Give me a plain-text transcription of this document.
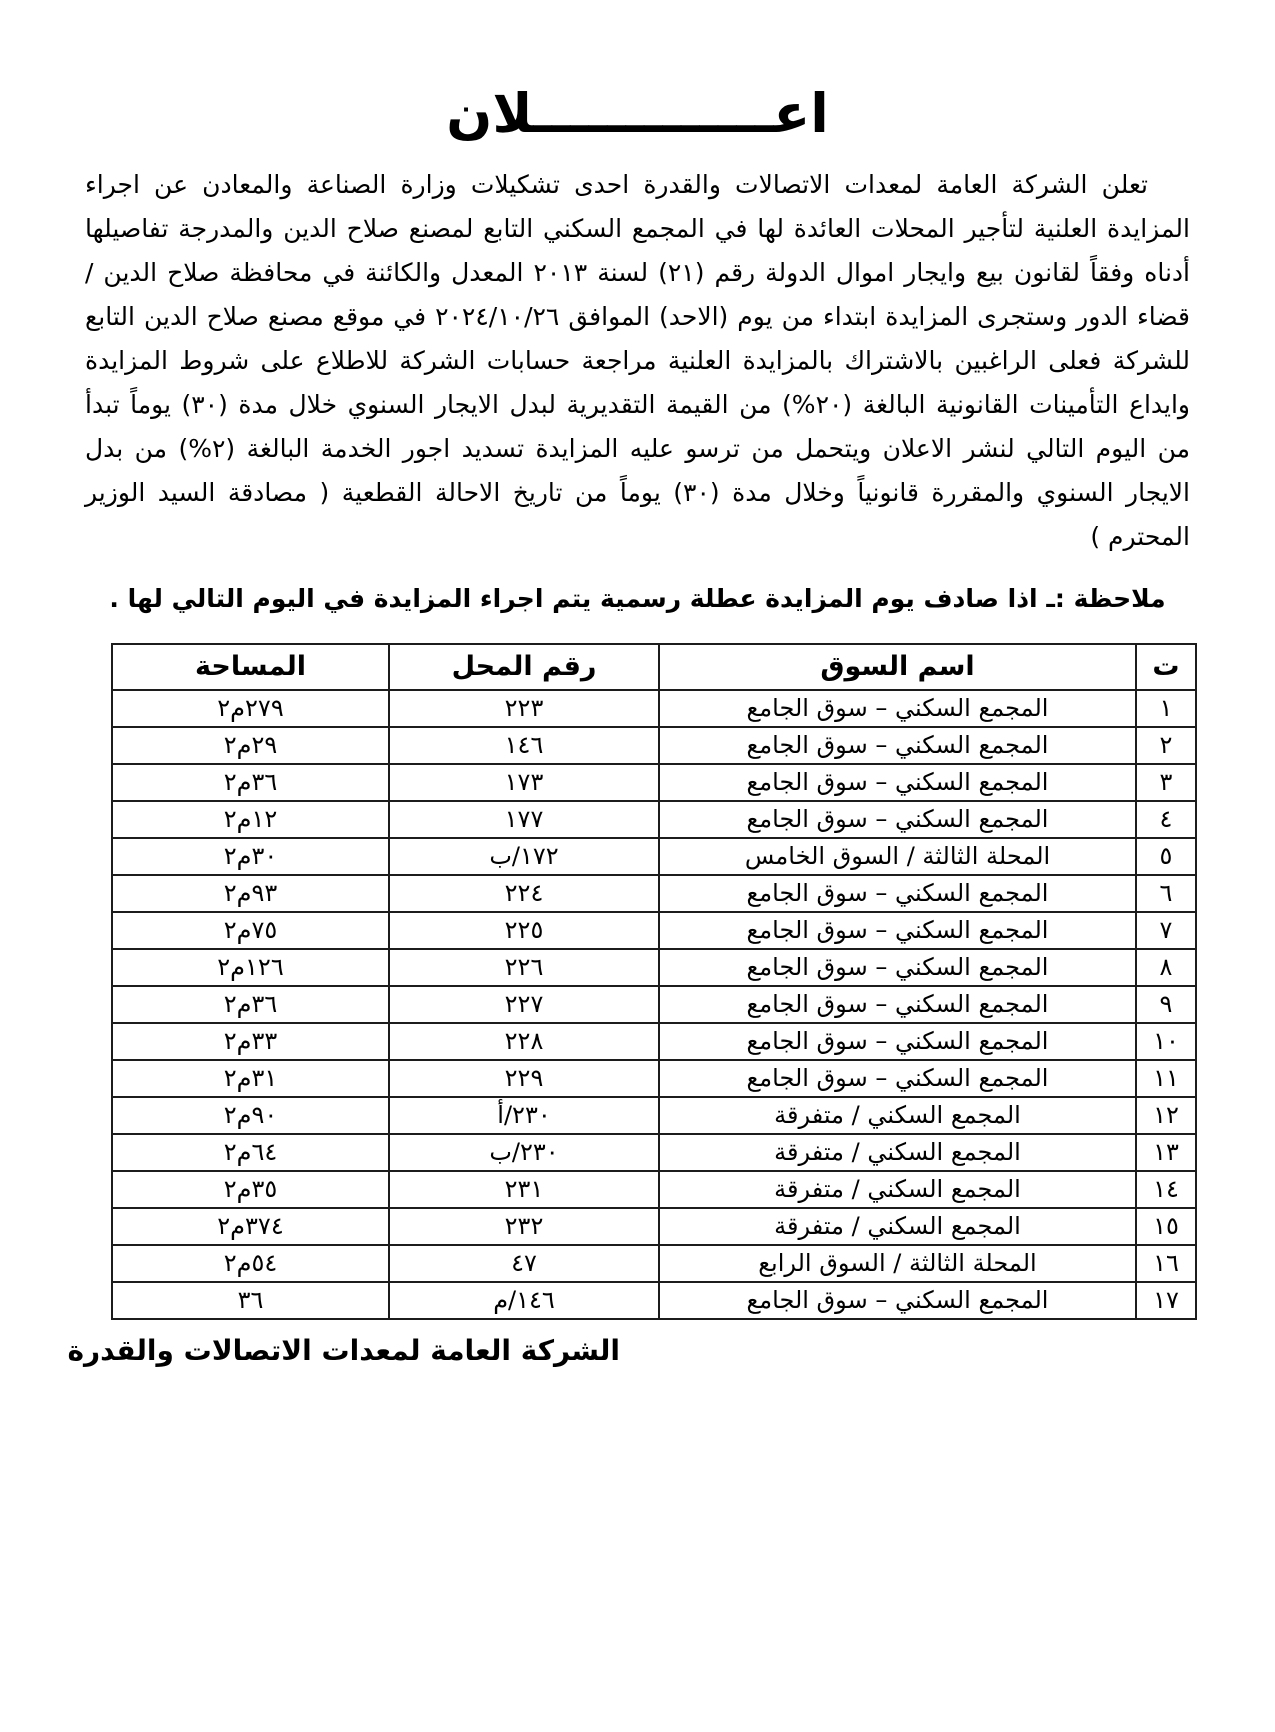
اعـــــــــــــلان

تعلن الشركة العامة لمعدات الاتصالات والقدرة احدى تشكيلات وزارة الصناعة والمعادن عن اجراء المزايدة العلنية لتأجير المحلات العائدة لها في المجمع السكني التابع لمصنع صلاح الدين والمدرجة تفاصيلها أدناه وفقاً لقانون بيع وايجار اموال الدولة رقم (٢١) لسنة ٢٠١٣ المعدل والكائنة في محافظة صلاح الدين / قضاء الدور وستجرى المزايدة ابتداء من يوم (الاحد) الموافق ٢٠٢٤/١٠/٢٦ في موقع مصنع صلاح الدين التابع للشركة فعلى الراغبين بالاشتراك بالمزايدة العلنية مراجعة حسابات الشركة للاطلاع على شروط المزايدة وايداع التأمينات القانونية البالغة (٢٠%) من القيمة التقديرية لبدل الايجار السنوي خلال مدة (٣٠) يوماً تبدأ من اليوم التالي لنشر الاعلان ويتحمل من ترسو عليه المزايدة تسديد اجور الخدمة البالغة (٢%) من بدل الايجار السنوي والمقررة قانونياً وخلال مدة (٣٠) يوماً من تاريخ الاحالة القطعية ( مصادقة السيد الوزير المحترم )

ملاحظة :ـ اذا صادف يوم المزايدة عطلة رسمية يتم اجراء المزايدة في اليوم التالي لها .
ت	اسم السوق	رقم المحل	المساحة
١	المجمع السكني – سوق الجامع	٢٢٣	٢٧٩م٢
٢	المجمع السكني – سوق الجامع	١٤٦	٢٩م٢
٣	المجمع السكني – سوق الجامع	١٧٣	٣٦م٢
٤	المجمع السكني – سوق الجامع	١٧٧	١٢م٢
٥	المحلة الثالثة / السوق الخامس	١٧٢/ب	٣٠م٢
٦	المجمع السكني – سوق الجامع	٢٢٤	٩٣م٢
٧	المجمع السكني – سوق الجامع	٢٢٥	٧٥م٢
٨	المجمع السكني – سوق الجامع	٢٢٦	١٢٦م٢
٩	المجمع السكني – سوق الجامع	٢٢٧	٣٦م٢
١٠	المجمع السكني – سوق الجامع	٢٢٨	٣٣م٢
١١	المجمع السكني – سوق الجامع	٢٢٩	٣١م٢
١٢	المجمع السكني / متفرقة	٢٣٠/أ	٩٠م٢
١٣	المجمع السكني / متفرقة	٢٣٠/ب	٦٤م٢
١٤	المجمع السكني / متفرقة	٢٣١	٣٥م٢
١٥	المجمع السكني / متفرقة	٢٣٢	٣٧٤م٢
١٦	المحلة الثالثة / السوق الرابع	٤٧	٥٤م٢
١٧	المجمع السكني – سوق الجامع	١٤٦/م	٣٦
الشركة العامة لمعدات الاتصالات والقدرة
